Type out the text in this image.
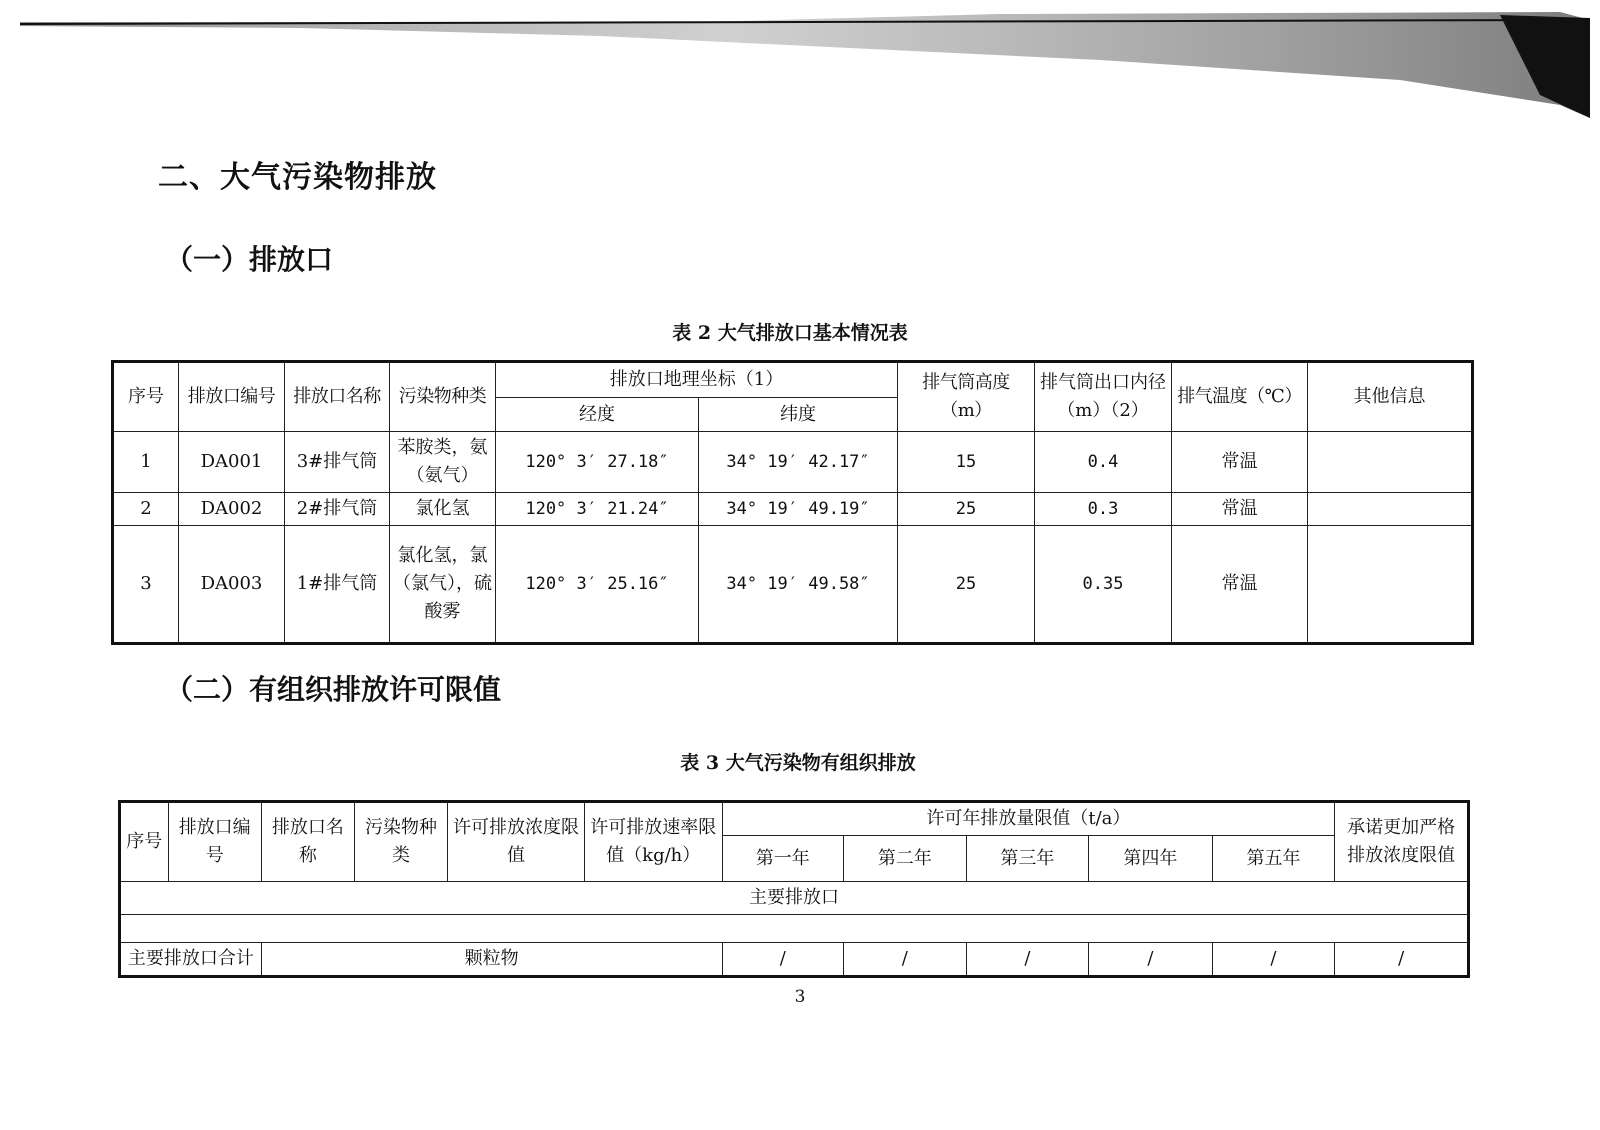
二、大气污染物排放
（一）排放口
表 2 大气排放口基本情况表
序号	排放口编号	排放口名称	污染物种类	排放口地理坐标（1）		排气筒高度（m）	排气筒出口内径（m）（2）	排气温度（℃）	其他信息
				经度	纬度				
1	DA001	3#排气筒	苯胺类，氨（氨气）	120° 3′ 27.18″	34° 19′ 42.17″	15	0.4	常温	
2	DA002	2#排气筒	氯化氢	120° 3′ 21.24″	34° 19′ 49.19″	25	0.3	常温	
3	DA003	1#排气筒	氯化氢，氯（氯气），硫酸雾	120° 3′ 25.16″	34° 19′ 49.58″	25	0.35	常温	
（二）有组织排放许可限值
表 3 大气污染物有组织排放
序号	排放口编号	排放口名称	污染物种类	许可排放浓度限值	许可排放速率限值（kg/h）	许可年排放量限值（t/a）					承诺更加严格排放浓度限值
						第一年	第二年	第三年	第四年	第五年	
主要排放口											

主要排放口合计		颗粒物				/	/	/	/	/	/
3
